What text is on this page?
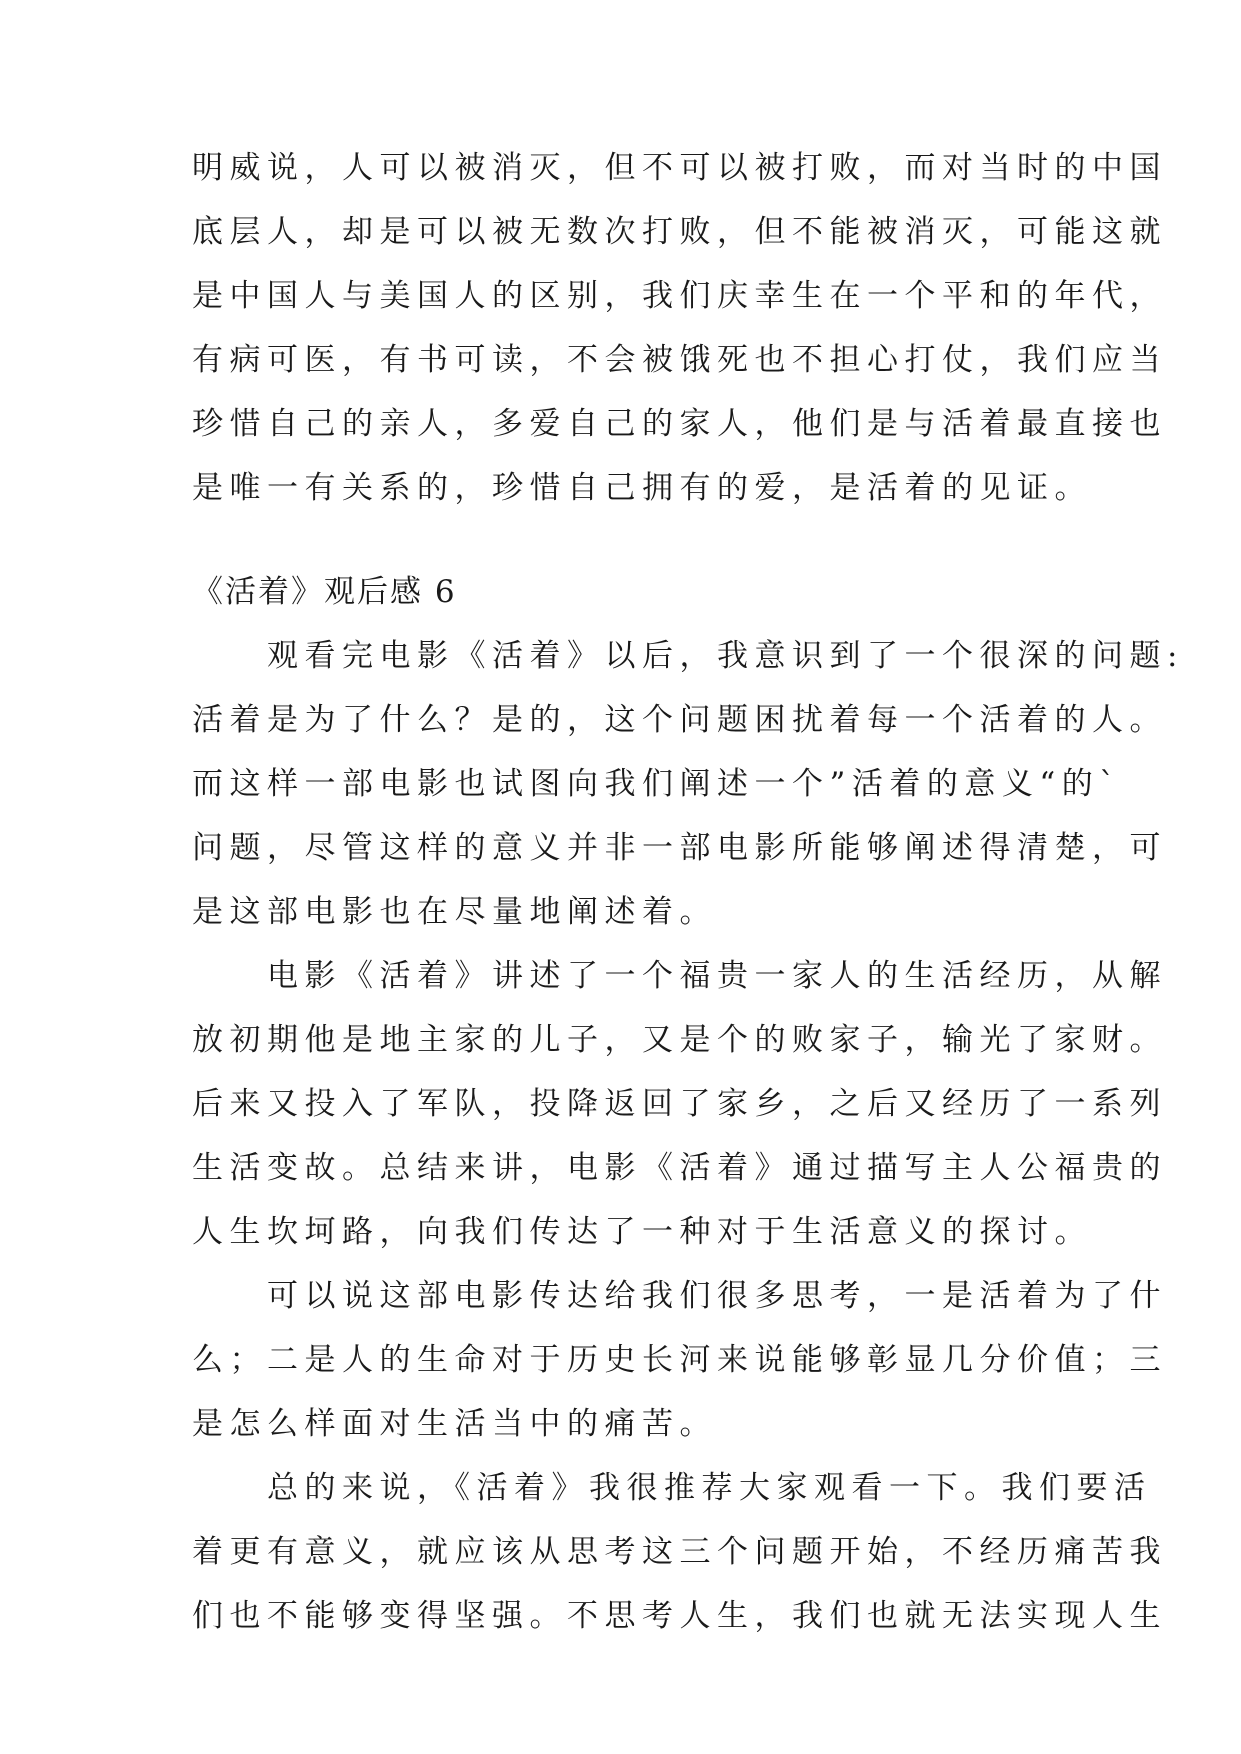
明威说，人可以被消灭，但不可以被打败，而对当时的中国
底层人，却是可以被无数次打败，但不能被消灭，可能这就
是中国人与美国人的区别，我们庆幸生在一个平和的年代，
有病可医，有书可读，不会被饿死也不担心打仗，我们应当
珍惜自己的亲人，多爱自己的家人，他们是与活着最直接也
是唯一有关系的，珍惜自己拥有的爱，是活着的见证。
《活着》观后感 6
　　观看完电影《活着》以后，我意识到了一个很深的问题:
活着是为了什么？是的，这个问题困扰着每一个活着的人。
而这样一部电影也试图向我们阐述一个”活着的意义“的`
问题，尽管这样的意义并非一部电影所能够阐述得清楚，可
是这部电影也在尽量地阐述着。
　　电影《活着》讲述了一个福贵一家人的生活经历，从解
放初期他是地主家的儿子，又是个的败家子，输光了家财。
后来又投入了军队，投降返回了家乡，之后又经历了一系列
生活变故。总结来讲，电影《活着》通过描写主人公福贵的
人生坎坷路，向我们传达了一种对于生活意义的探讨。
　　可以说这部电影传达给我们很多思考，一是活着为了什
么；二是人的生命对于历史长河来说能够彰显几分价值；三
是怎么样面对生活当中的痛苦。
　　总的来说，《活着》我很推荐大家观看一下。我们要活
着更有意义，就应该从思考这三个问题开始，不经历痛苦我
们也不能够变得坚强。不思考人生，我们也就无法实现人生
